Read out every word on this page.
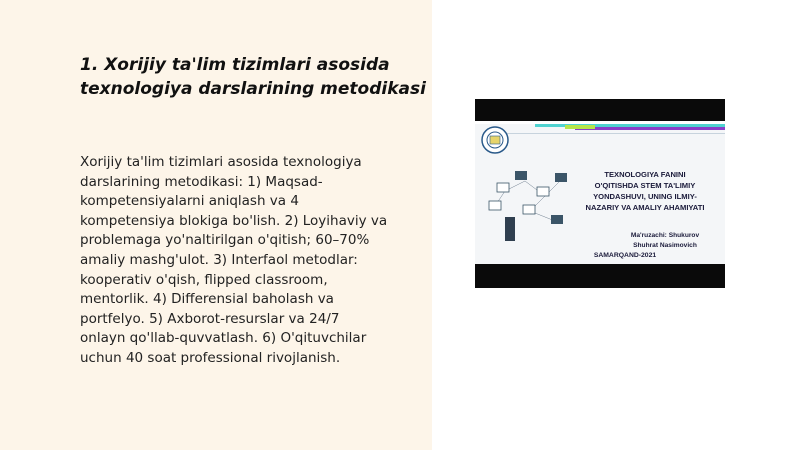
1. Xorijiy ta'lim tizimlari asosida
texnologiya darslarining metodikasi
Xorijiy ta'lim tizimlari asosida texnologiya
darslarining metodikasi: 1) Maqsad-
kompetensiyalarni aniqlash va 4
kompetensiya blokiga bo'lish. 2) Loyihaviy va
problemaga yo'naltirilgan o'qitish; 60–70%
amaliy mashg'ulot. 3) Interfaol metodlar:
kooperativ o'qish, flipped classroom,
mentorlik. 4) Differensial baholash va
portfelyo. 5) Axborot-resurslar va 24/7
onlayn qo'llab-quvvatlash. 6) O'qituvchilar
uchun 40 soat professional rivojlanish.
TEXNOLOGIYA FANINI
O'QITISHDA STEM TA'LIMIY
YONDASHUVI, UNING ILMIY-
NAZARIY VA AMALIY AHAMIYATI
Ma'ruzachi: Shukurov
Shuhrat Nasimovich
SAMARQAND-2021
